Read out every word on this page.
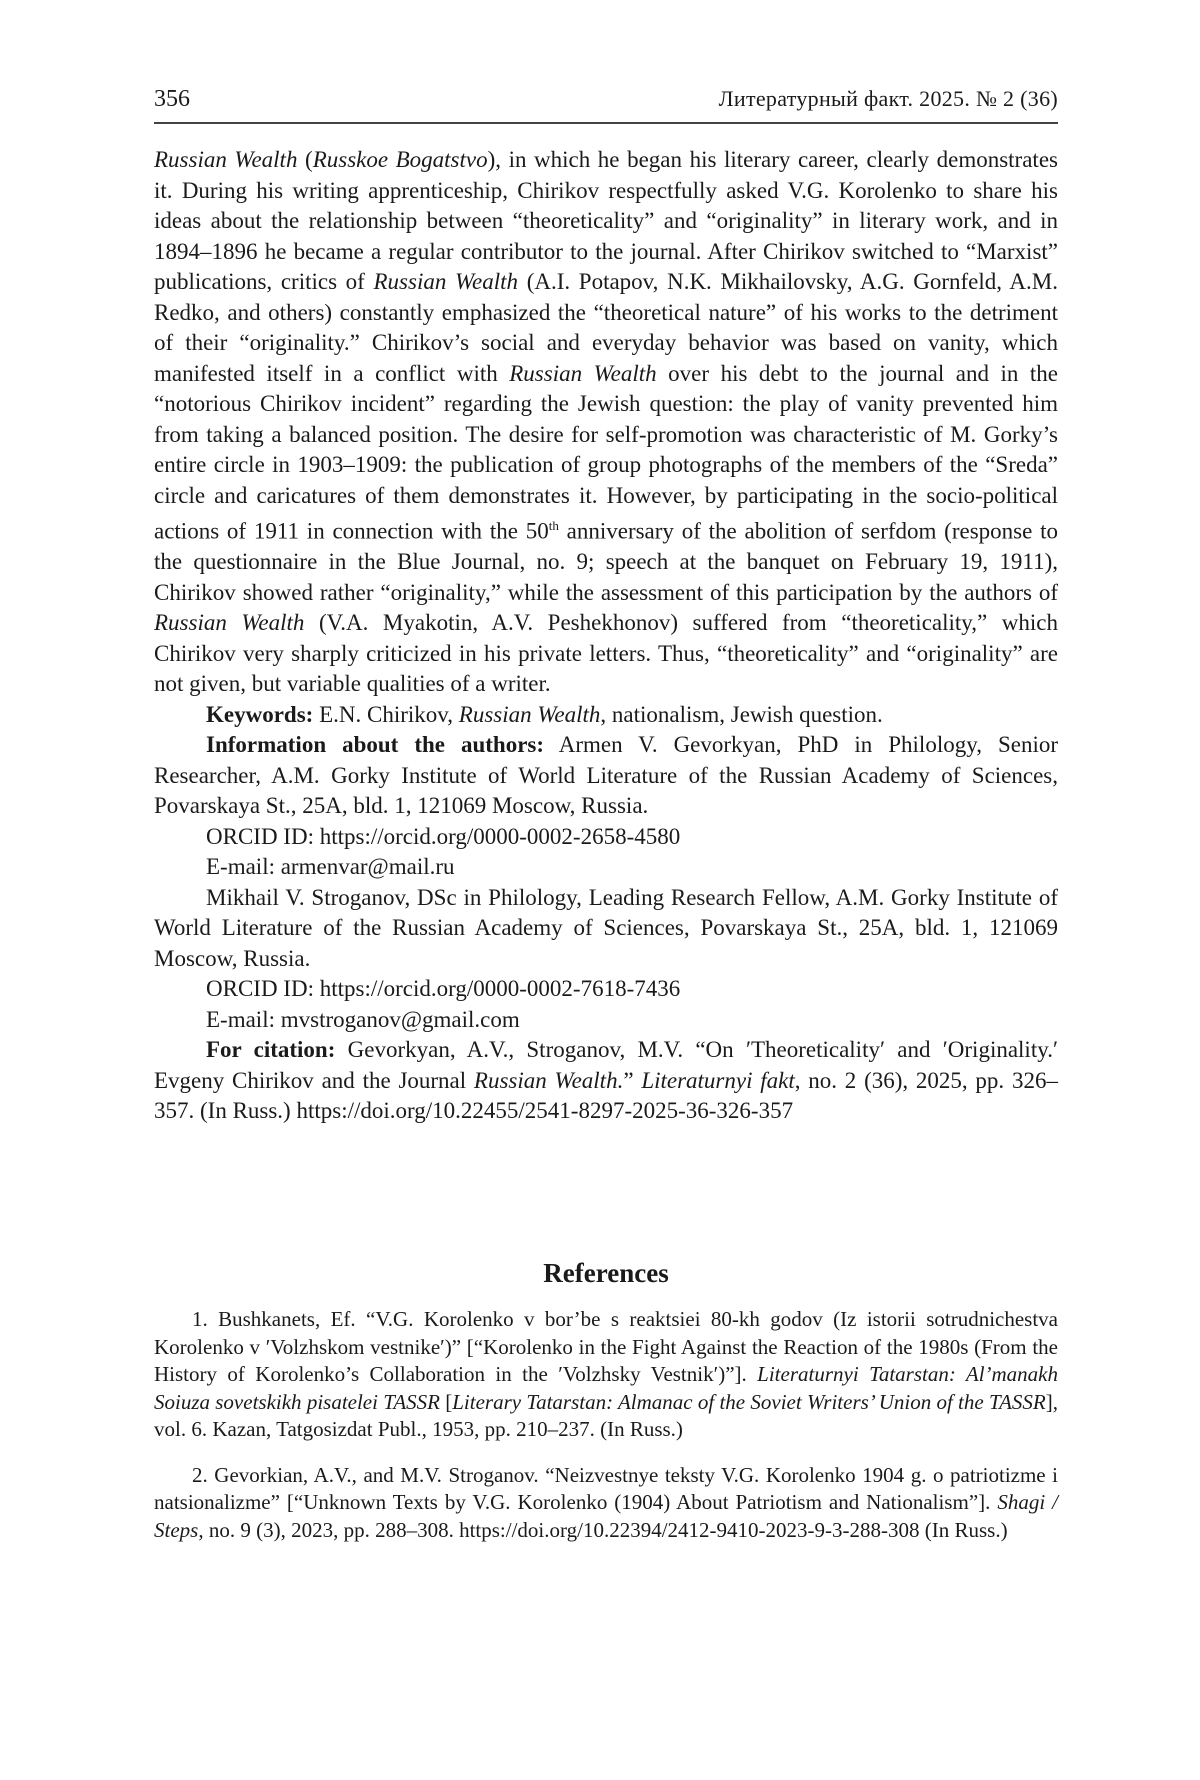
356	Литературный факт. 2025. № 2 (36)

Russian Wealth (Russkoe Bogatstvo), in which he began his literary career, clearly demonstrates it. During his writing apprenticeship, Chirikov respectfully asked V.G. Korolenko to share his ideas about the relationship between “theoreticality” and “originality” in literary work, and in 1894–1896 he became a regular contributor to the journal. After Chirikov switched to “Marxist” publications, critics of Russian Wealth (A.I. Potapov, N.K. Mikhailovsky, A.G. Gornfeld, A.M. Redko, and others) constantly emphasized the “theoretical nature” of his works to the detriment of their “originality.” Chirikov’s social and everyday behavior was based on vanity, which manifested itself in a conflict with Russian Wealth over his debt to the journal and in the “notorious Chirikov incident” regarding the Jewish question: the play of vanity prevented him from taking a balanced position. The desire for self-promotion was characteristic of M. Gorky’s entire circle in 1903–1909: the publication of group photographs of the members of the “Sreda” circle and caricatures of them demonstrates it. However, by participating in the socio-political actions of 1911 in connection with the 50th anniversary of the abolition of serfdom (response to the questionnaire in the Blue Journal, no. 9; speech at the banquet on February 19, 1911), Chirikov showed rather “originality,” while the assessment of this participation by the authors of Russian Wealth (V.A. Myakotin, A.V. Peshekhonov) suffered from “theoreticality,” which Chirikov very sharply criticized in his private letters. Thus, “theoreticality” and “originality” are not given, but variable qualities of a writer.

Keywords: E.N. Chirikov, Russian Wealth, nationalism, Jewish question.

Information about the authors: Armen V. Gevorkyan, PhD in Philology, Senior Researcher, A.M. Gorky Institute of World Literature of the Russian Academy of Sciences, Povarskaya St., 25A, bld. 1, 121069 Moscow, Russia.

ORCID ID: https://orcid.org/0000-0002-2658-4580

E-mail: armenvar@mail.ru

Mikhail V. Stroganov, DSc in Philology, Leading Research Fellow, A.M. Gorky Institute of World Literature of the Russian Academy of Sciences, Povarskaya St., 25A, bld. 1, 121069 Moscow, Russia.

ORCID ID: https://orcid.org/0000-0002-7618-7436

E-mail: mvstroganov@gmail.com

For citation: Gevorkyan, A.V., Stroganov, M.V. “On ʹTheoreticalityʹ and ʹOriginality.ʹ Evgeny Chirikov and the Journal Russian Wealth.” Literaturnyi fakt, no. 2 (36), 2025, pp. 326–357. (In Russ.) https://doi.org/10.22455/2541-8297-2025-36-326-357

References

1. Bushkanets, Ef. “V.G. Korolenko v bor’be s reaktsiei 80-kh godov (Iz istorii sotrudnichestva Korolenko v ʹVolzhskom vestnikeʹ)” [“Korolenko in the Fight Against the Reaction of the 1980s (From the History of Korolenko’s Collaboration in the ʹVolzhsky Vestnikʹ)”]. Literaturnyi Tatarstan: Al’manakh Soiuza sovetskikh pisatelei TASSR [Literary Tatarstan: Almanac of the Soviet Writers’ Union of the TASSR], vol. 6. Kazan, Tatgosizdat Publ., 1953, pp. 210–237. (In Russ.)

2. Gevorkian, A.V., and M.V. Stroganov. “Neizvestnye teksty V.G. Korolenko 1904 g. o patriotizme i natsionalizme” [“Unknown Texts by V.G. Korolenko (1904) About Patriotism and Nationalism”]. Shagi / Steps, no. 9 (3), 2023, pp. 288–308. https://doi.org/10.22394/2412-9410-2023-9-3-288-308 (In Russ.)
